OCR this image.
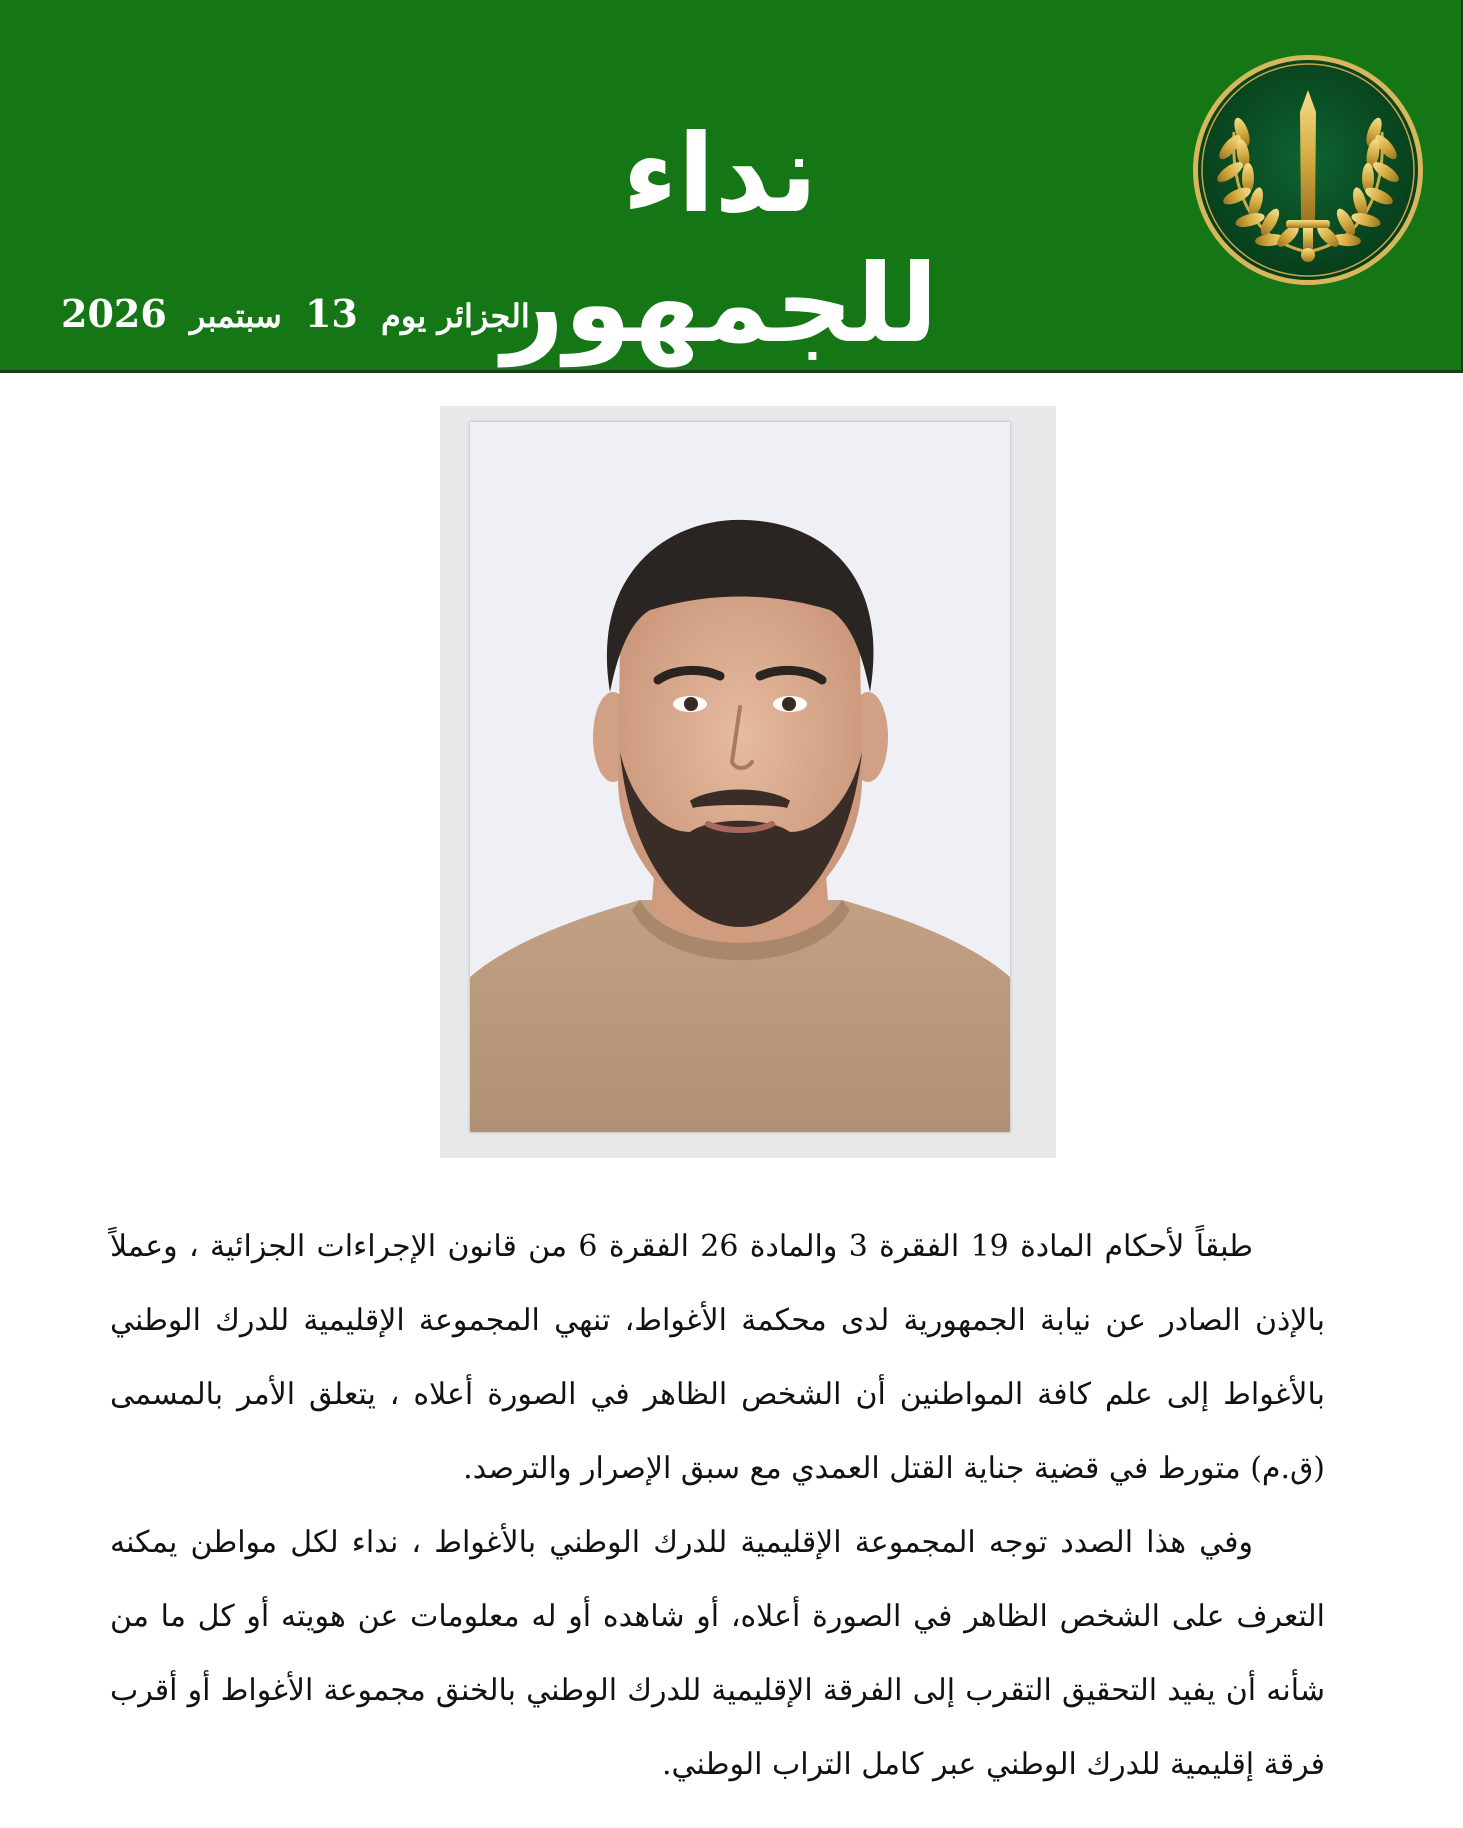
نداء للجمهور
الجزائر يوم 13 سبتمبر 2026

طبقاً لأحكام المادة 19 الفقرة 3 والمادة 26 الفقرة 6 من قانون الإجراءات الجزائية ، وعملاً بالإذن الصادر عن نيابة الجمهورية لدى محكمة الأغواط، تنهي المجموعة الإقليمية للدرك الوطني بالأغواط إلى علم كافة المواطنين أن الشخص الظاهر في الصورة أعلاه ، يتعلق الأمر بالمسمى (ق.م) متورط في قضية جناية القتل العمدي مع سبق الإصرار والترصد.

وفي هذا الصدد توجه المجموعة الإقليمية للدرك الوطني بالأغواط ، نداء لكل مواطن يمكنه التعرف على الشخص الظاهر في الصورة أعلاه، أو شاهده أو له معلومات عن هويته أو كل ما من شأنه أن يفيد التحقيق التقرب إلى الفرقة الإقليمية للدرك الوطني بالخنق مجموعة الأغواط أو أقرب فرقة إقليمية للدرك الوطني عبر كامل التراب الوطني.
